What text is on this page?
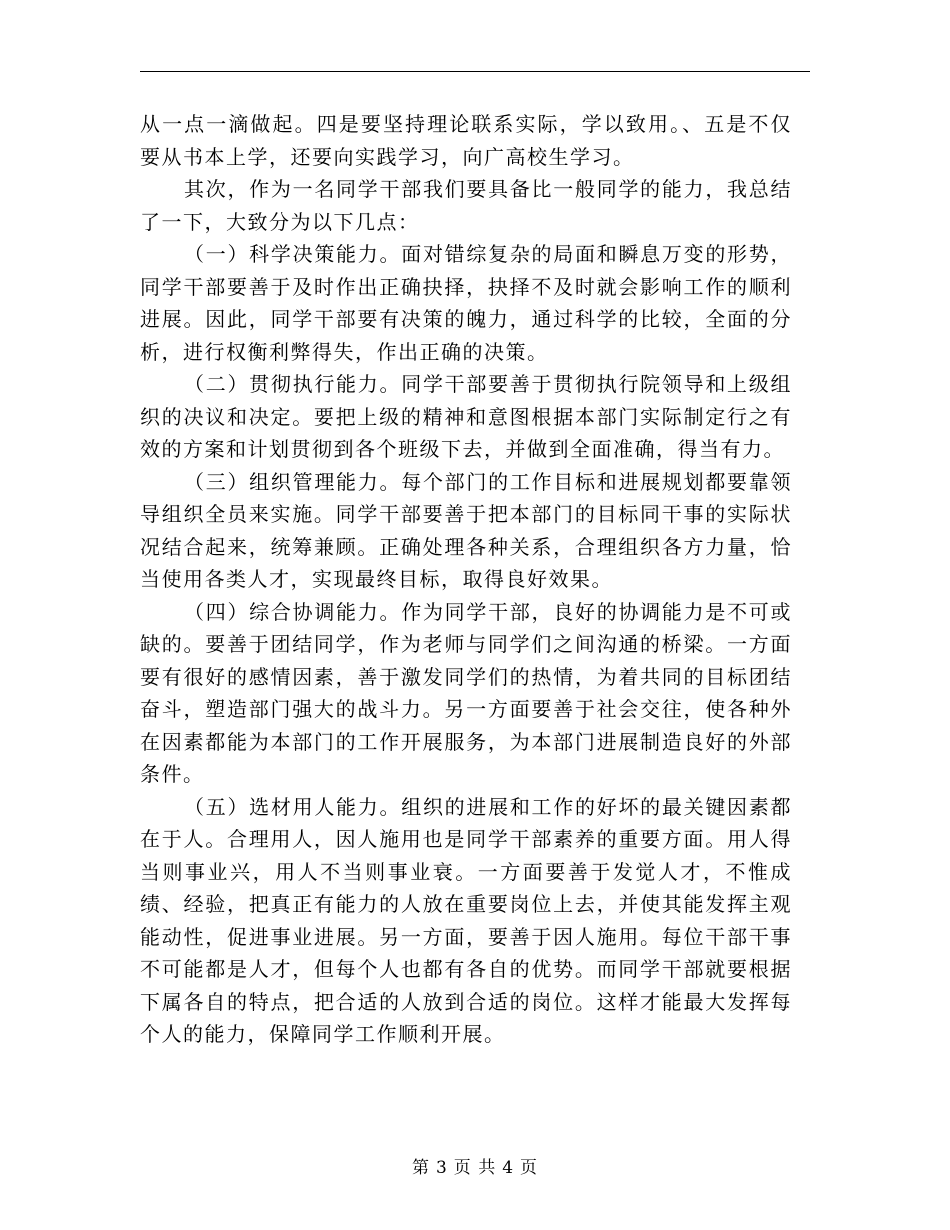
从一点一滴做起。四是要坚持理论联系实际，学以致用。、五是不仅要从书本上学，还要向实践学习，向广高校生学习。

其次，作为一名同学干部我们要具备比一般同学的能力，我总结了一下，大致分为以下几点：

（一）科学决策能力。面对错综复杂的局面和瞬息万变的形势，同学干部要善于及时作出正确抉择，抉择不及时就会影响工作的顺利进展。因此，同学干部要有决策的魄力，通过科学的比较，全面的分析，进行权衡利弊得失，作出正确的决策。

（二）贯彻执行能力。同学干部要善于贯彻执行院领导和上级组织的决议和决定。要把上级的精神和意图根据本部门实际制定行之有效的方案和计划贯彻到各个班级下去，并做到全面准确，得当有力。

（三）组织管理能力。每个部门的工作目标和进展规划都要靠领导组织全员来实施。同学干部要善于把本部门的目标同干事的实际状况结合起来，统筹兼顾。正确处理各种关系，合理组织各方力量，恰当使用各类人才，实现最终目标，取得良好效果。

（四）综合协调能力。作为同学干部，良好的协调能力是不可或缺的。要善于团结同学，作为老师与同学们之间沟通的桥梁。一方面要有很好的感情因素，善于激发同学们的热情，为着共同的目标团结奋斗，塑造部门强大的战斗力。另一方面要善于社会交往，使各种外在因素都能为本部门的工作开展服务，为本部门进展制造良好的外部条件。

（五）选材用人能力。组织的进展和工作的好坏的最关键因素都在于人。合理用人，因人施用也是同学干部素养的重要方面。用人得当则事业兴，用人不当则事业衰。一方面要善于发觉人才，不惟成绩、经验，把真正有能力的人放在重要岗位上去，并使其能发挥主观能动性，促进事业进展。另一方面，要善于因人施用。每位干部干事不可能都是人才，但每个人也都有各自的优势。而同学干部就要根据下属各自的特点，把合适的人放到合适的岗位。这样才能最大发挥每个人的能力，保障同学工作顺利开展。

第 3 页 共 4 页
